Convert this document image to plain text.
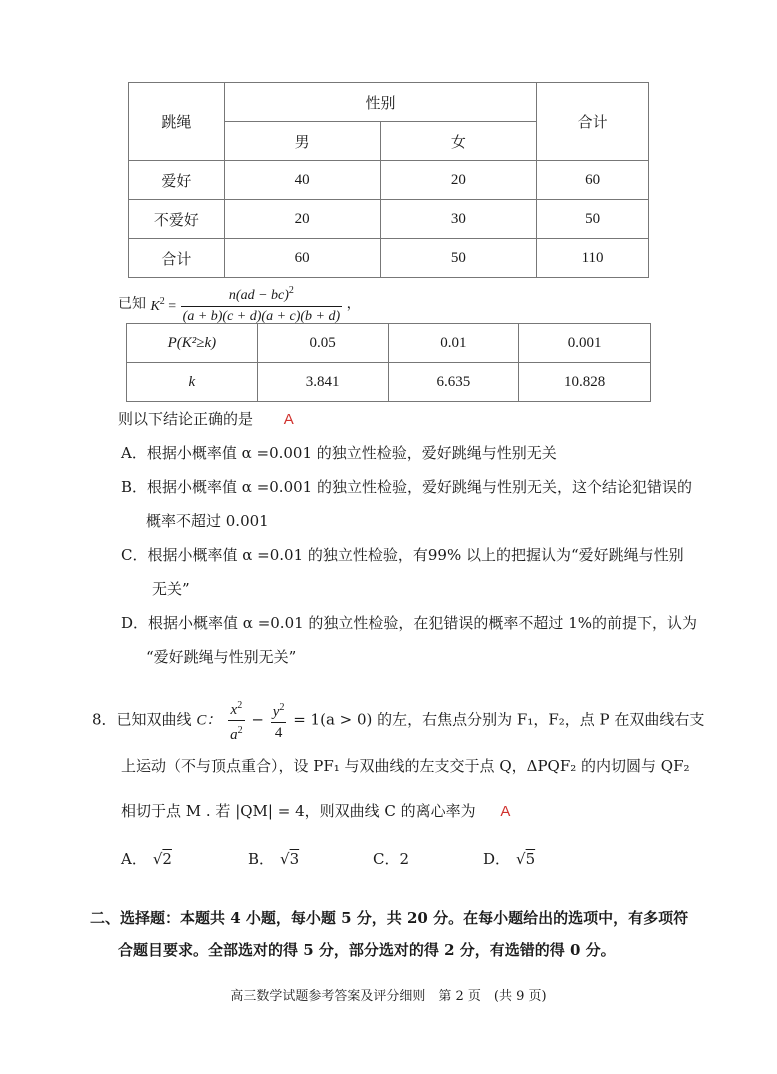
跳绳	性别		合计
	男	女	
爱好	40	20	60
不爱好	20	30	50
合计	60	50	110
已知 $K^2 = \frac{n(ad - bc)^2}{(a + b)(c + d)(a + c)(b + d)}$ ，
P(K²≥k)	0.05	0.01	0.001
k	3.841	6.635	10.828
则以下结论正确的是 A
A．根据小概率值 α =0.001 的独立性检验，爱好跳绳与性别无关
B．根据小概率值 α =0.001 的独立性检验，爱好跳绳与性别无关，这个结论犯错误的
概率不超过 0.001
C．根据小概率值 α =0.01 的独立性检验，有99% 以上的把握认为“爱好跳绳与性别
无关”
D．根据小概率值 α =0.01 的独立性检验，在犯错误的概率不超过 1%的前提下，认为
“爱好跳绳与性别无关”
8．已知双曲线 C： $\frac{x^2}{a^2} - \frac{y^2}{4} = 1(a > 0)$ 的左，右焦点分别为 F₁，F₂，点 P 在双曲线右支
上运动（不与顶点重合），设 PF₁ 与双曲线的左支交于点 Q，ΔPQF₂ 的内切圆与 QF₂
相切于点 M . 若 |QM| = 4，则双曲线 C 的离心率为 A
A． √2	B． √3	C．2	D． √5
二、选择题：本题共 4 小题，每小题 5 分，共 20 分。在每小题给出的选项中，有多项符
合题目要求。全部选对的得 5 分，部分选对的得 2 分，有选错的得 0 分。
高三数学试题参考答案及评分细则　第 2 页　(共 9 页)
